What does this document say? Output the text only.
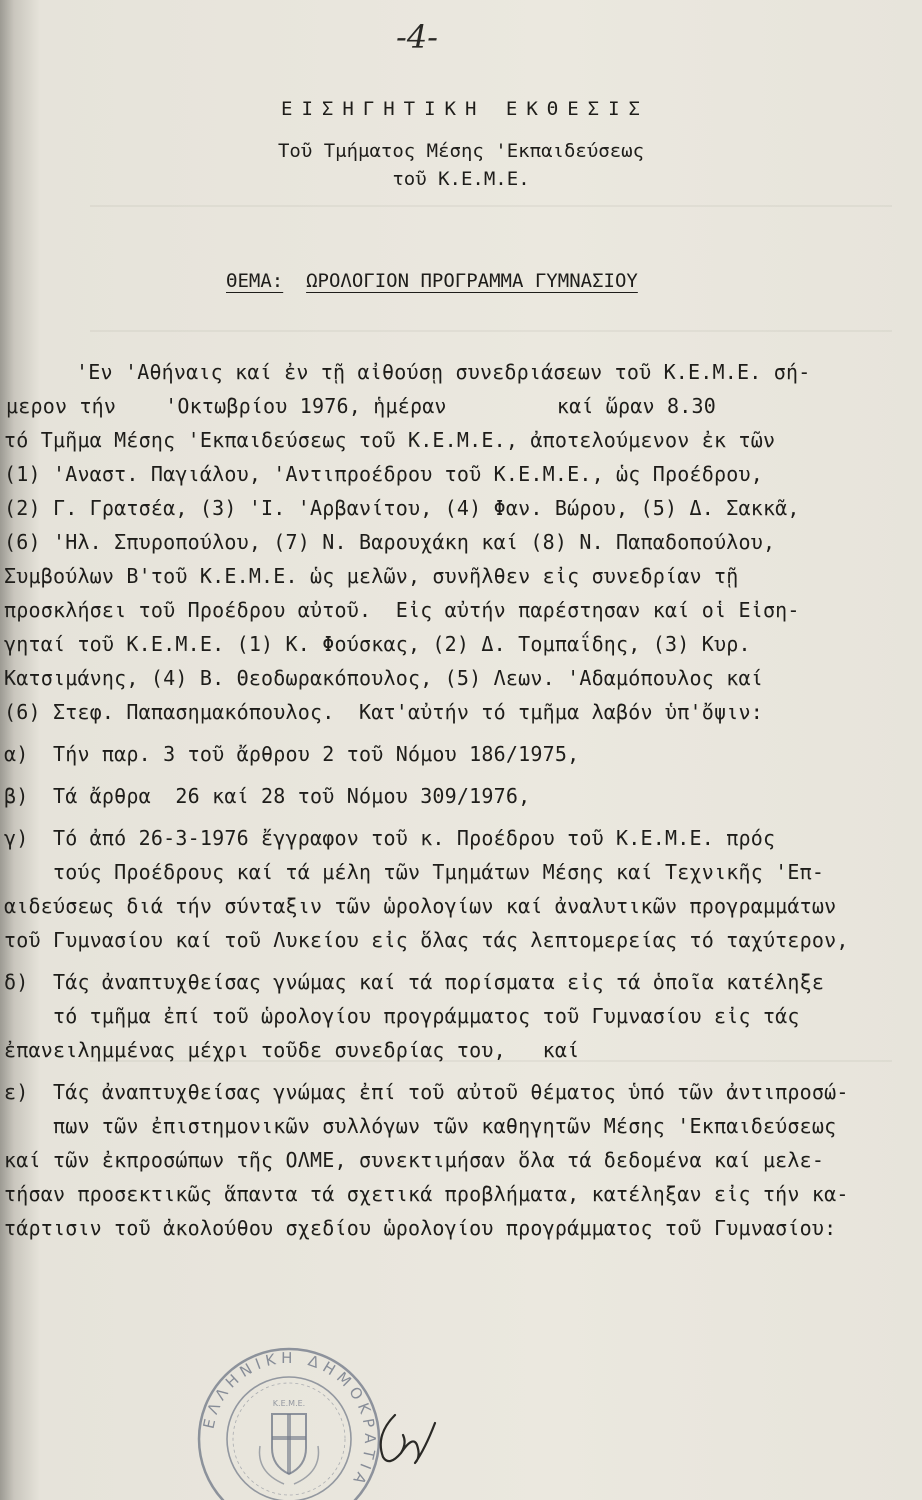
-4-
ΕΙΣΗΓΗΤΙΚΗ ΕΚΘΕΣΙΣ
Τοῦ Τμήματος Μέσης 'Εκπαιδεύσεως
τοῦ Κ.Ε.Μ.Ε.
ΘΕΜΑ: ΩΡΟΛΟΓΙΟΝ ΠΡΟΓΡΑΜΜΑ ΓΥΜΝΑΣΙΟΥ
'Εν 'Αθήναις καί ἐν τῇ αἰθούσῃ συνεδριάσεων τοῦ Κ.Ε.Μ.Ε. σή-
μερον τήν    'Οκτωβρίου 1976, ἡμέραν         καί ὥραν 8.30
τό Τμῆμα Μέσης 'Εκπαιδεύσεως τοῦ Κ.Ε.Μ.Ε., ἀποτελούμενον ἐκ τῶν
(1) 'Αναστ. Παγιάλου, 'Αντιπροέδρου τοῦ Κ.Ε.Μ.Ε., ὡς Προέδρου,
(2) Γ. Γρατσέα, (3) 'Ι. 'Αρβανίτου, (4) Φαν. Βώρου, (5) Δ. Σακκᾶ,
(6) 'Ηλ. Σπυροπούλου, (7) Ν. Βαρουχάκη καί (8) Ν. Παπαδοπούλου,
Συμβούλων Β'τοῦ Κ.Ε.Μ.Ε. ὡς μελῶν, συνῆλθεν εἰς συνεδρίαν τῇ
προσκλήσει τοῦ Προέδρου αὐτοῦ.  Εἰς αὐτήν παρέστησαν καί οἱ Εἰση-
γηταί τοῦ Κ.Ε.Μ.Ε. (1) Κ. Φούσκας, (2) Δ. Τομπαΐδης, (3) Κυρ.
Κατσιμάνης, (4) Β. Θεοδωρακόπουλος, (5) Λεων. 'Αδαμόπουλος καί
(6) Στεφ. Παπασημακόπουλος.  Κατ'αὐτήν τό τμῆμα λαβόν ὑπ'ὄψιν:
α)  Τήν παρ. 3 τοῦ ἄρθρου 2 τοῦ Νόμου 186/1975,
β)  Τά ἄρθρα  26 καί 28 τοῦ Νόμου 309/1976,
γ)  Τό ἀπό 26-3-1976 ἔγγραφον τοῦ κ. Προέδρου τοῦ Κ.Ε.Μ.Ε. πρός
τούς Προέδρους καί τά μέλη τῶν Τμημάτων Μέσης καί Τεχνικῆς 'Επ-
αιδεύσεως διά τήν σύνταξιν τῶν ὡρολογίων καί ἀναλυτικῶν προγραμμάτων
τοῦ Γυμνασίου καί τοῦ Λυκείου εἰς ὅλας τάς λεπτομερείας τό ταχύτερον,
δ)  Τάς ἀναπτυχθείσας γνώμας καί τά πορίσματα εἰς τά ὁποῖα κατέληξε
τό τμῆμα ἐπί τοῦ ὡρολογίου προγράμματος τοῦ Γυμνασίου εἰς τάς
ἐπανειλημμένας μέχρι τοῦδε συνεδρίας του,   καί
ε)  Τάς ἀναπτυχθείσας γνώμας ἐπί τοῦ αὐτοῦ θέματος ὑπό τῶν ἀντιπροσώ-
πων τῶν ἐπιστημονικῶν συλλόγων τῶν καθηγητῶν Μέσης 'Εκπαιδεύσεως
καί τῶν ἐκπροσώπων τῆς ΟΛΜΕ, συνεκτιμήσαν ὅλα τά δεδομένα καί μελε-
τήσαν προσεκτικῶς ἅπαντα τά σχετικά προβλήματα, κατέληξαν εἰς τήν κα-
τάρτισιν τοῦ ἀκολούθου σχεδίου ὡρολογίου προγράμματος τοῦ Γυμνασίου:
ΕΛΛΗΝΙΚΗ ΔΗΜΟΚΡΑΤΙΑ
Κ.Ε.Μ.Ε.
